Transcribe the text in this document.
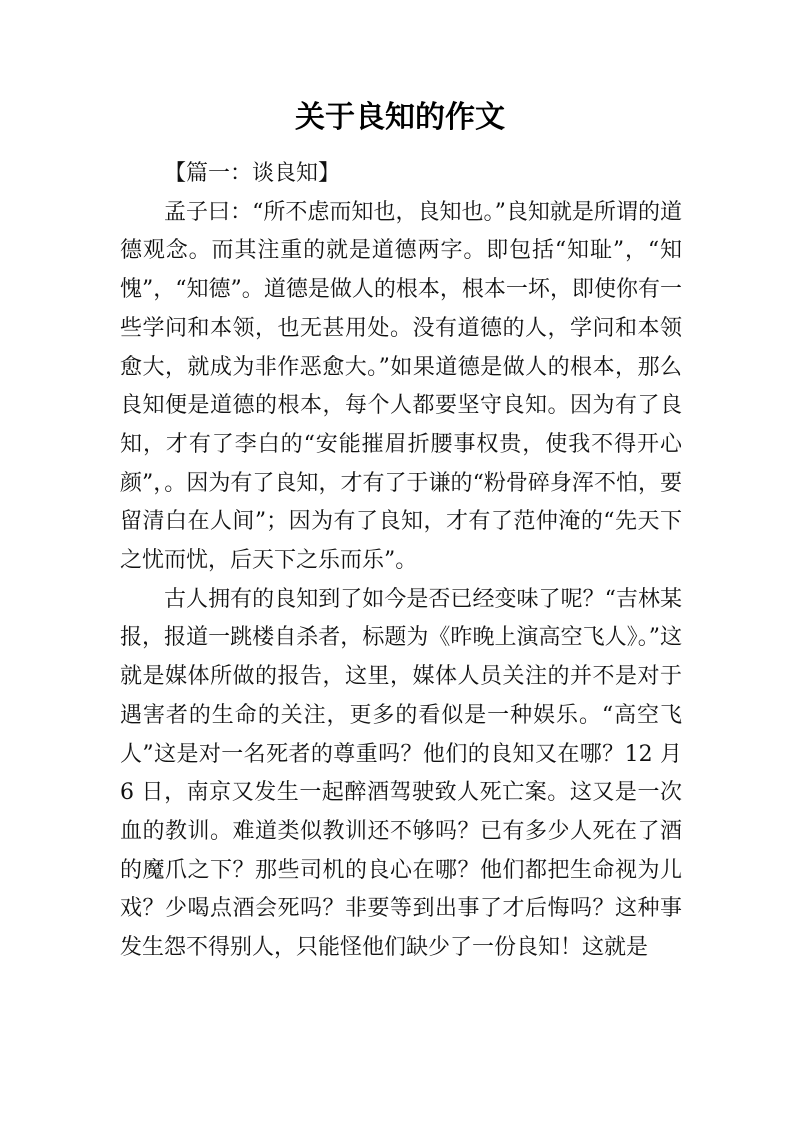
关于良知的作文

【篇一：谈良知】

孟子曰：“所不虑而知也，良知也。”良知就是所谓的道德观念。而其注重的就是道德两字。即包括“知耻”，“知愧”，“知德”。道德是做人的根本，根本一坏，即使你有一些学问和本领，也无甚用处。没有道德的人，学问和本领愈大，就成为非作恶愈大。”如果道德是做人的根本，那么良知便是道德的根本，每个人都要坚守良知。因为有了良知，才有了李白的“安能摧眉折腰事权贵，使我不得开心颜”，。因为有了良知，才有了于谦的“粉骨碎身浑不怕，要留清白在人间”；因为有了良知，才有了范仲淹的“先天下之忧而忧，后天下之乐而乐”。

古人拥有的良知到了如今是否已经变味了呢？“吉林某报，报道一跳楼自杀者，标题为《昨晚上演高空飞人》。”这就是媒体所做的报告，这里，媒体人员关注的并不是对于遇害者的生命的关注，更多的看似是一种娱乐。“高空飞人”这是对一名死者的尊重吗？他们的良知又在哪？12 月 6 日，南京又发生一起醉酒驾驶致人死亡案。这又是一次血的教训。难道类似教训还不够吗？已有多少人死在了酒的魔爪之下？那些司机的良心在哪？他们都把生命视为儿戏？少喝点酒会死吗？非要等到出事了才后悔吗？这种事发生怨不得别人，只能怪他们缺少了一份良知！这就是
